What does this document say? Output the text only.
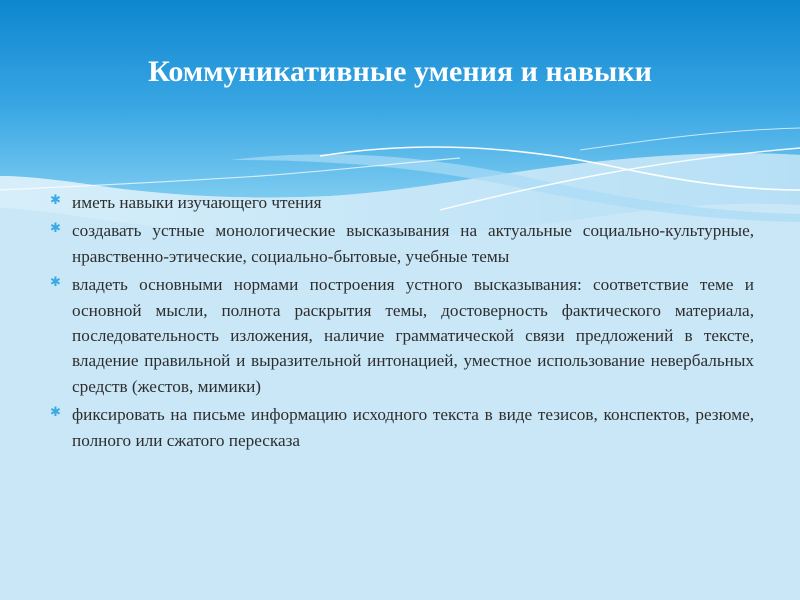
Коммуникативные умения и навыки
✱ иметь навыки изучающего чтения
✱ создавать устные монологические высказывания на актуальные социально-культурные, нравственно-этические, социально-бытовые, учебные темы
✱ владеть основными нормами построения устного высказывания: соответствие теме и основной мысли, полнота раскрытия темы, достоверность фактического материала, последовательность изложения, наличие грамматической связи предложений в тексте, владение правильной и выразительной интонацией, уместное использование невербальных средств (жестов, мимики)
✱ фиксировать на письме информацию исходного текста в виде тезисов, конспектов, резюме, полного или сжатого пересказа
